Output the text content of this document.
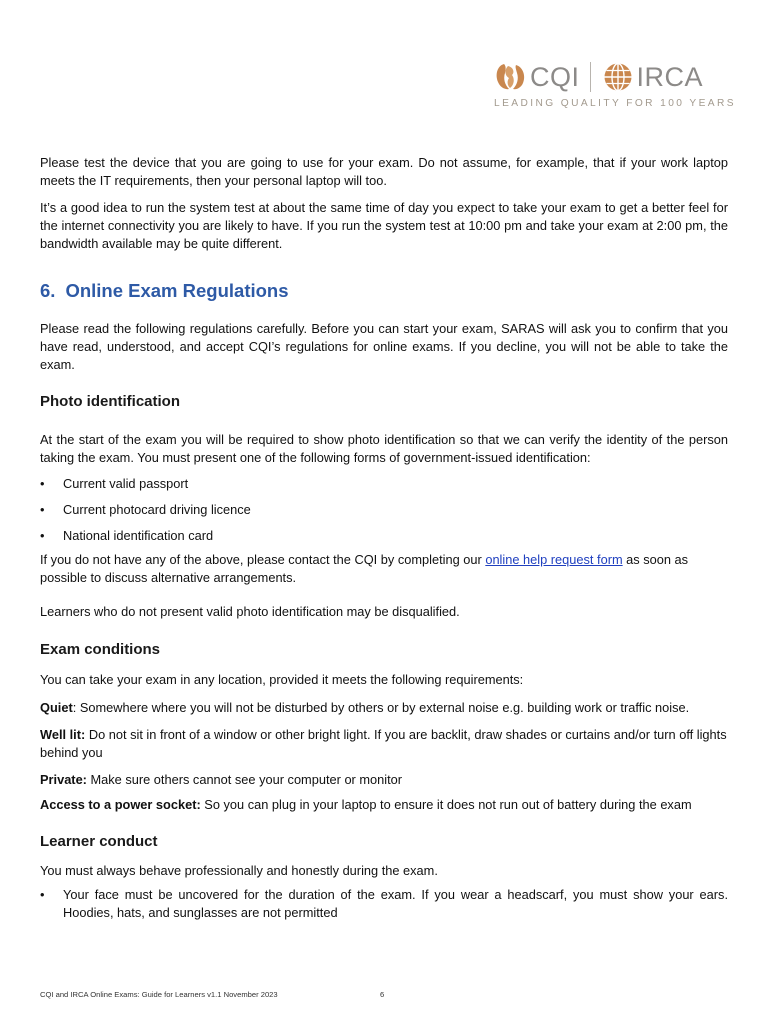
CQI IRCA
LEADING QUALITY FOR 100 YEARS

Please test the device that you are going to use for your exam. Do not assume, for example, that if your work laptop meets the IT requirements, then your personal laptop will too.

It’s a good idea to run the system test at about the same time of day you expect to take your exam to get a better feel for the internet connectivity you are likely to have. If you run the system test at 10:00 pm and take your exam at 2:00 pm, the bandwidth available may be quite different.

6. Online Exam Regulations

Please read the following regulations carefully. Before you can start your exam, SARAS will ask you to confirm that you have read, understood, and accept CQI’s regulations for online exams. If you decline, you will not be able to take the exam.

Photo identification

At the start of the exam you will be required to show photo identification so that we can verify the identity of the person taking the exam. You must present one of the following forms of government-issued identification:

•	Current valid passport
•	Current photocard driving licence
•	National identification card

If you do not have any of the above, please contact the CQI by completing our online help request form as soon as possible to discuss alternative arrangements.

Learners who do not present valid photo identification may be disqualified.

Exam conditions

You can take your exam in any location, provided it meets the following requirements:

Quiet: Somewhere where you will not be disturbed by others or by external noise e.g. building work or traffic noise.

Well lit: Do not sit in front of a window or other bright light. If you are backlit, draw shades or curtains and/or turn off lights behind you

Private: Make sure others cannot see your computer or monitor

Access to a power socket: So you can plug in your laptop to ensure it does not run out of battery during the exam

Learner conduct

You must always behave professionally and honestly during the exam.

•	Your face must be uncovered for the duration of the exam. If you wear a headscarf, you must show your ears. Hoodies, hats, and sunglasses are not permitted
CQI and IRCA Online Exams: Guide for Learners v1.1 November 2023	6
